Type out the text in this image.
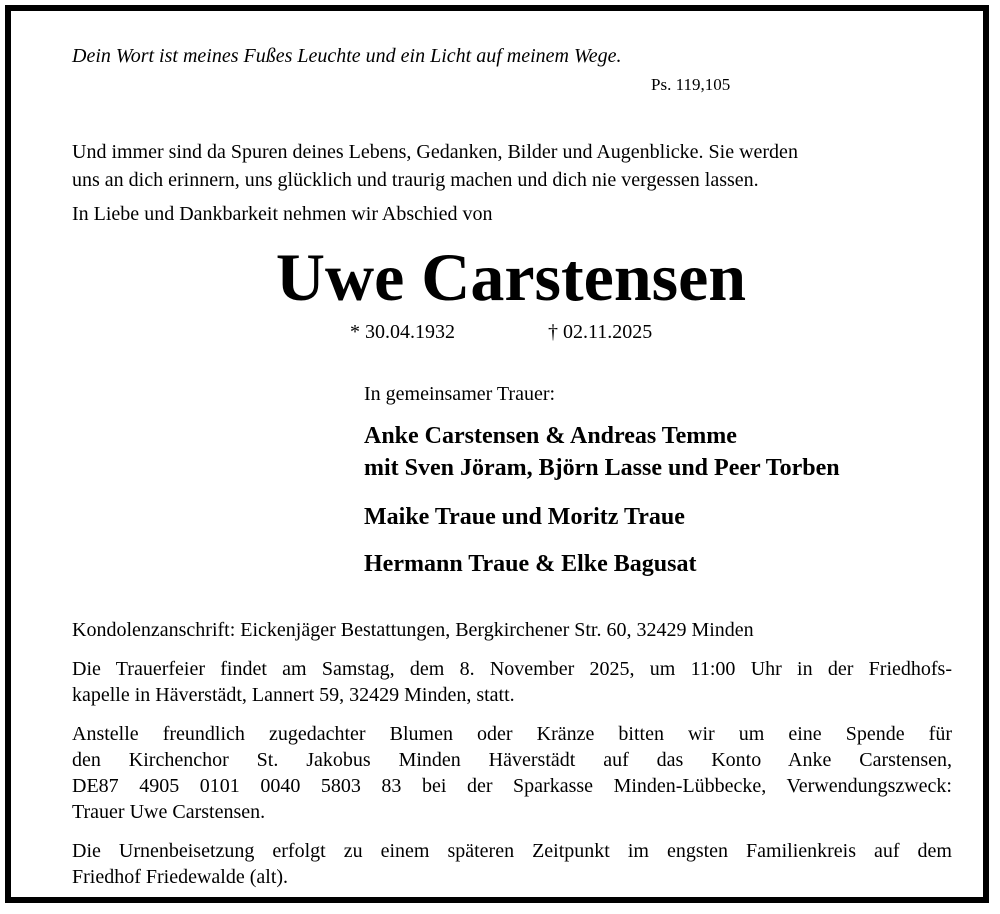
Dein Wort ist meines Fußes Leuchte und ein Licht auf meinem Wege.
Ps. 119,105
Und immer sind da Spuren deines Lebens, Gedanken, Bilder und Augenblicke. Sie werden
uns an dich erinnern, uns glücklich und traurig machen und dich nie vergessen lassen.
In Liebe und Dankbarkeit nehmen wir Abschied von
Uwe Carstensen
* 30.04.1932	† 02.11.2025
In gemeinsamer Trauer:
Anke Carstensen & Andreas Temme
mit Sven Jöram, Björn Lasse und Peer Torben
Maike Traue und Moritz Traue
Hermann Traue & Elke Bagusat
Kondolenzanschrift: Eickenjäger Bestattungen, Bergkirchener Str. 60, 32429 Minden
Die Trauerfeier findet am Samstag, dem 8. November 2025, um 11:00 Uhr in der Friedhofs-
kapelle in Häverstädt, Lannert 59, 32429 Minden, statt.
Anstelle freundlich zugedachter Blumen oder Kränze bitten wir um eine Spende für
den Kirchenchor St. Jakobus Minden Häverstädt auf das Konto Anke Carstensen,
DE87 4905 0101 0040 5803 83 bei der Sparkasse Minden-Lübbecke, Verwendungszweck:
Trauer Uwe Carstensen.
Die Urnenbeisetzung erfolgt zu einem späteren Zeitpunkt im engsten Familienkreis auf dem
Friedhof Friedewalde (alt).
